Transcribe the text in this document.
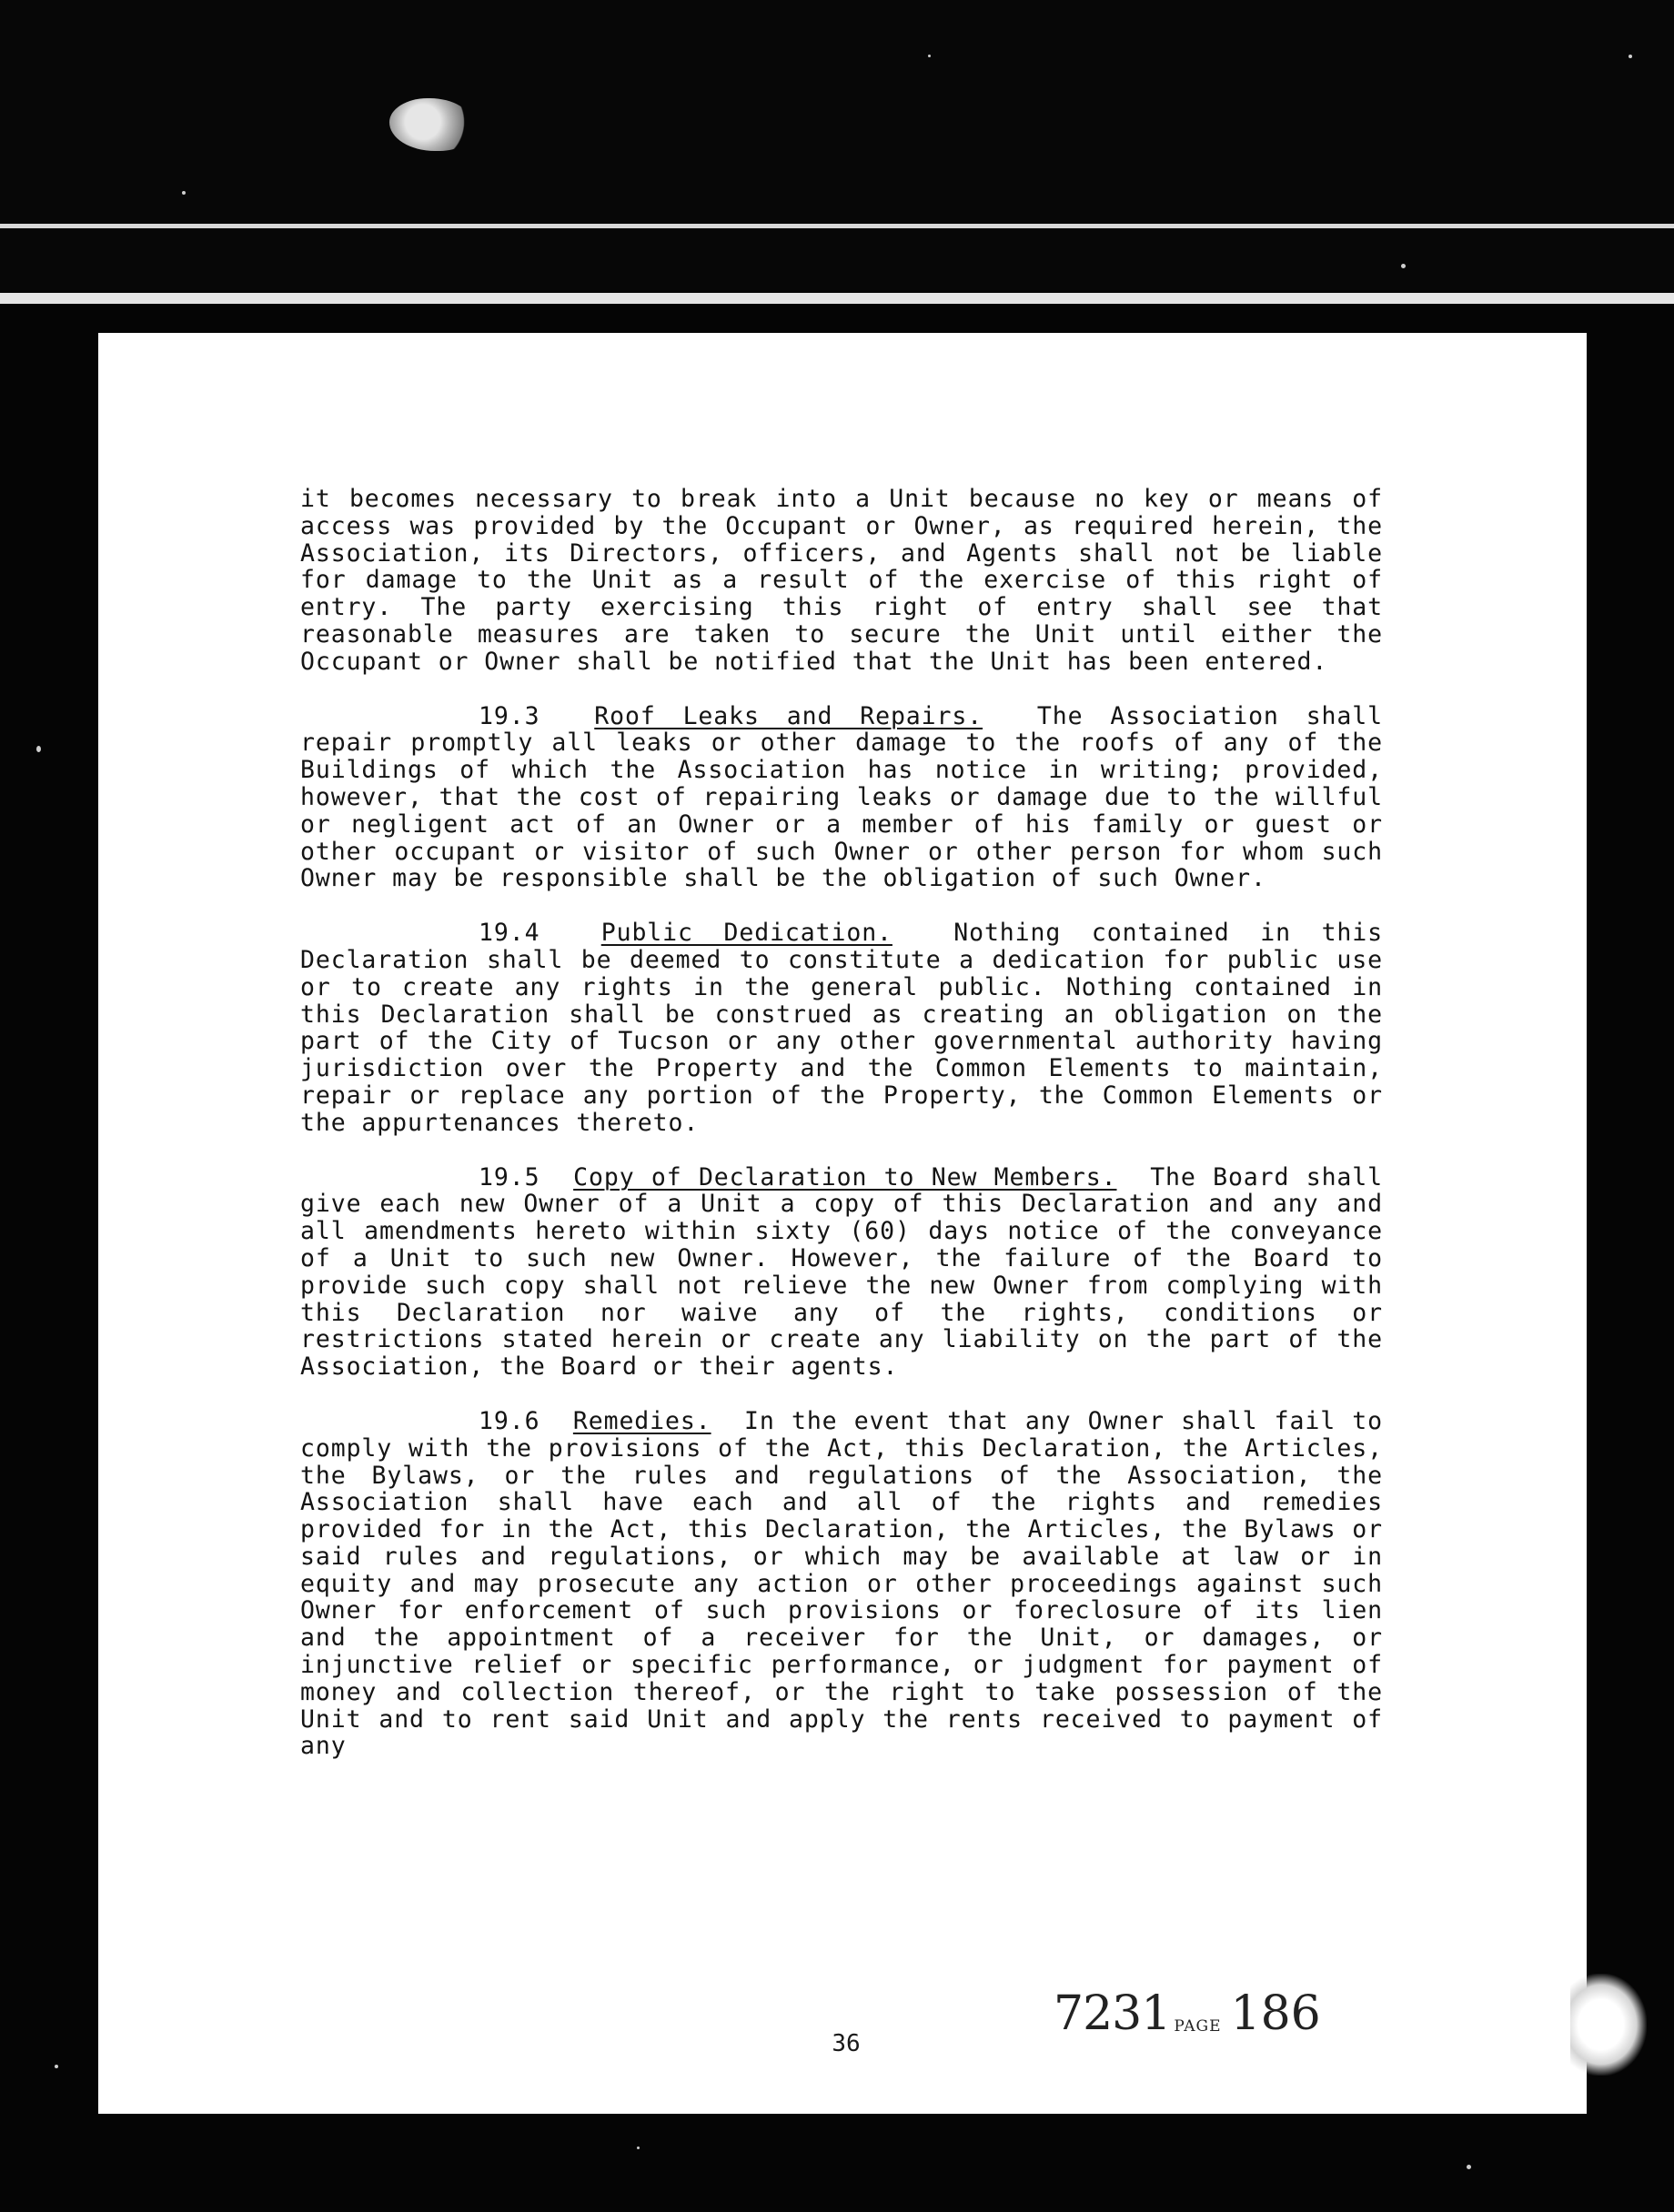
it becomes necessary to break into a Unit because no key or means of access was provided by the Occupant or Owner, as required herein, the Association, its Directors, officers, and Agents shall not be liable for damage to the Unit as a result of the exercise of this right of entry. The party exercising this right of entry shall see that reasonable measures are taken to secure the Unit until either the Occupant or Owner shall be notified that the Unit has been entered.

19.3 Roof Leaks and Repairs. The Association shall repair promptly all leaks or other damage to the roofs of any of the Buildings of which the Association has notice in writing; provided, however, that the cost of repairing leaks or damage due to the willful or negligent act of an Owner or a member of his family or guest or other occupant or visitor of such Owner or other person for whom such Owner may be responsible shall be the obligation of such Owner.

19.4	Public Dedication.	Nothing contained in this Declaration shall be deemed to constitute a dedication for public use or to create any rights in the general public. Nothing contained in this Declaration shall be construed as creating an obligation on the part of the City of Tucson or any other governmental authority having jurisdiction over the Property and the Common Elements to maintain, repair or replace any portion of the Property, the Common Elements or the appurtenances thereto.

19.5 Copy of Declaration to New Members. The Board shall give each new Owner of a Unit a copy of this Declaration and any and all amendments hereto within sixty (60) days notice of the conveyance of a Unit to such new Owner. However, the failure of the Board to provide such copy shall not relieve the new Owner from complying with this Declaration nor waive any of the rights, conditions or restrictions stated herein or create any liability on the part of the Association, the Board or their agents.

19.6 Remedies. In the event that any Owner shall fail to comply with the provisions of the Act, this Declaration, the Articles, the Bylaws, or the rules and regulations of the Association, the Association shall have each and all of the rights and remedies provided for in the Act, this Declaration, the Articles, the Bylaws or said rules and regulations, or which may be available at law or in equity and may prosecute any action or other proceedings against such Owner for enforcement of such provisions or foreclosure of its lien and the appointment of a receiver for the Unit, or damages, or injunctive relief or specific performance, or judgment for payment of money and collection thereof, or the right to take possession of the Unit and to rent said Unit and apply the rents received to payment of any

36
7231 PAGE 186
